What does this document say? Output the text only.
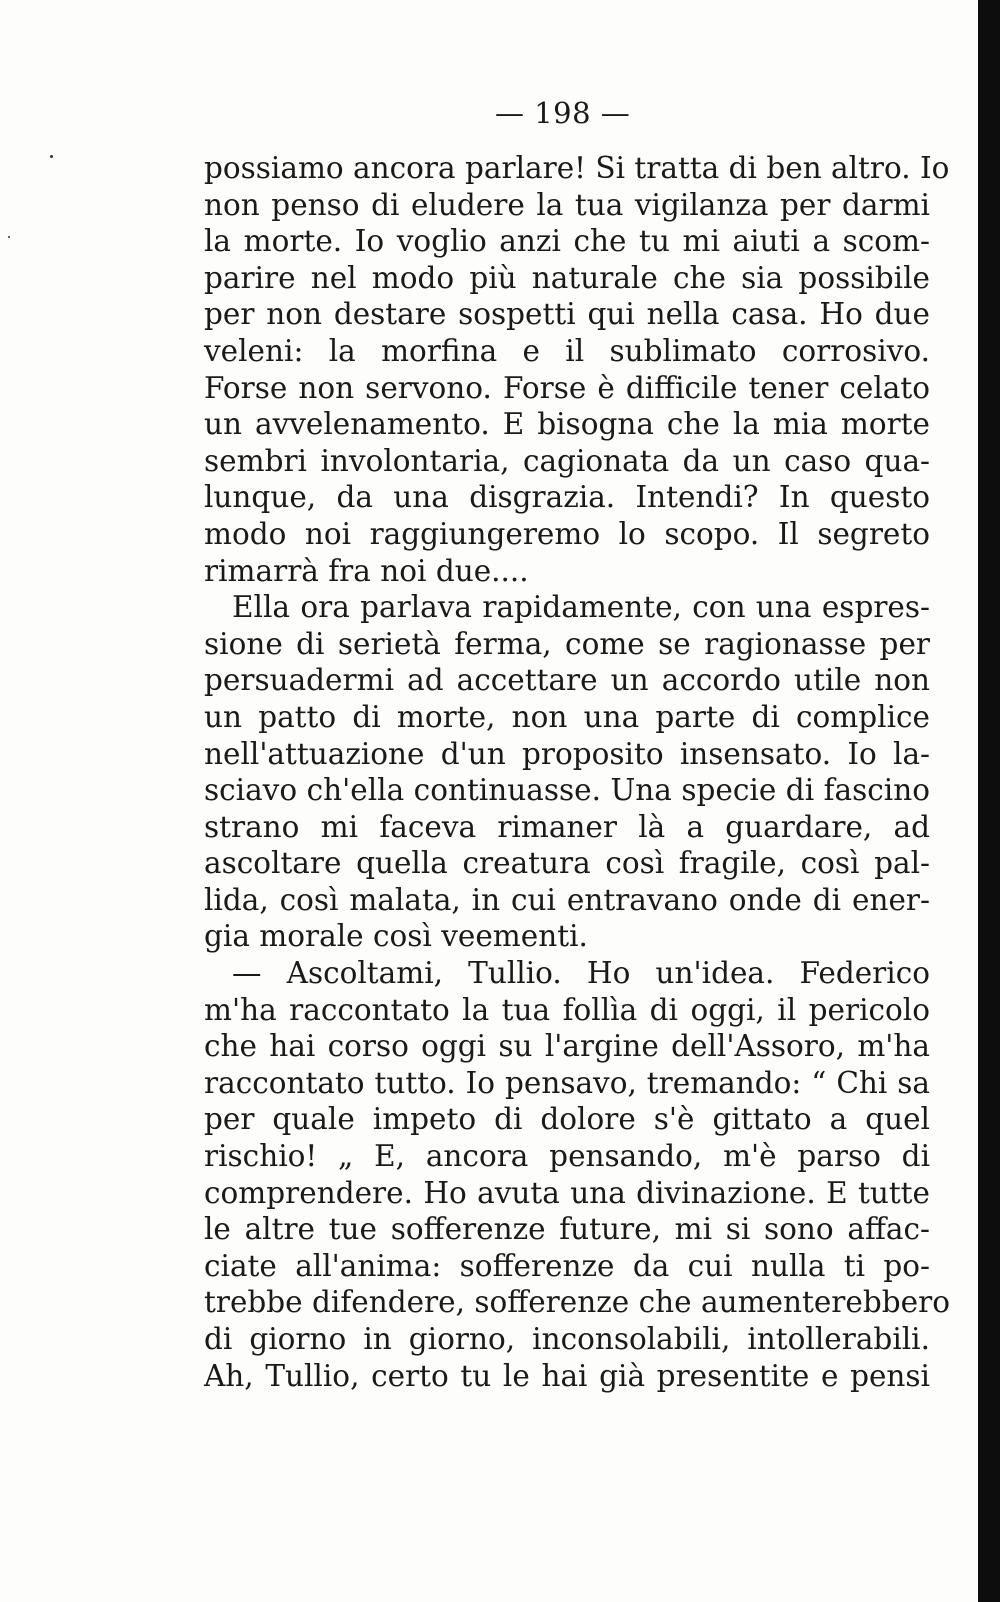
— 198 —
possiamo ancora parlare! Si tratta di ben altro. Io
non penso di eludere la tua vigilanza per darmi
la morte. Io voglio anzi che tu mi aiuti a scom-
parire nel modo più naturale che sia possibile
per non destare sospetti qui nella casa. Ho due
veleni: la morfina e il sublimato corrosivo.
Forse non servono. Forse è difficile tener celato
un avvelenamento. E bisogna che la mia morte
sembri involontaria, cagionata da un caso qua-
lunque, da una disgrazia. Intendi? In questo
modo noi raggiungeremo lo scopo. Il segreto
rimarrà fra noi due....
Ella ora parlava rapidamente, con una espres-
sione di serietà ferma, come se ragionasse per
persuadermi ad accettare un accordo utile non
un patto di morte, non una parte di complice
nell'attuazione d'un proposito insensato. Io la-
sciavo ch'ella continuasse. Una specie di fascino
strano mi faceva rimaner là a guardare, ad
ascoltare quella creatura così fragile, così pal-
lida, così malata, in cui entravano onde di ener-
gia morale così veementi.
— Ascoltami, Tullio. Ho un'idea. Federico
m'ha raccontato la tua follìa di oggi, il pericolo
che hai corso oggi su l'argine dell'Assoro, m'ha
raccontato tutto. Io pensavo, tremando: “ Chi sa
per quale impeto di dolore s'è gittato a quel
rischio! „ E, ancora pensando, m'è parso di
comprendere. Ho avuta una divinazione. E tutte
le altre tue sofferenze future, mi si sono affac-
ciate all'anima: sofferenze da cui nulla ti po-
trebbe difendere, sofferenze che aumenterebbero
di giorno in giorno, inconsolabili, intollerabili.
Ah, Tullio, certo tu le hai già presentite e pensi
